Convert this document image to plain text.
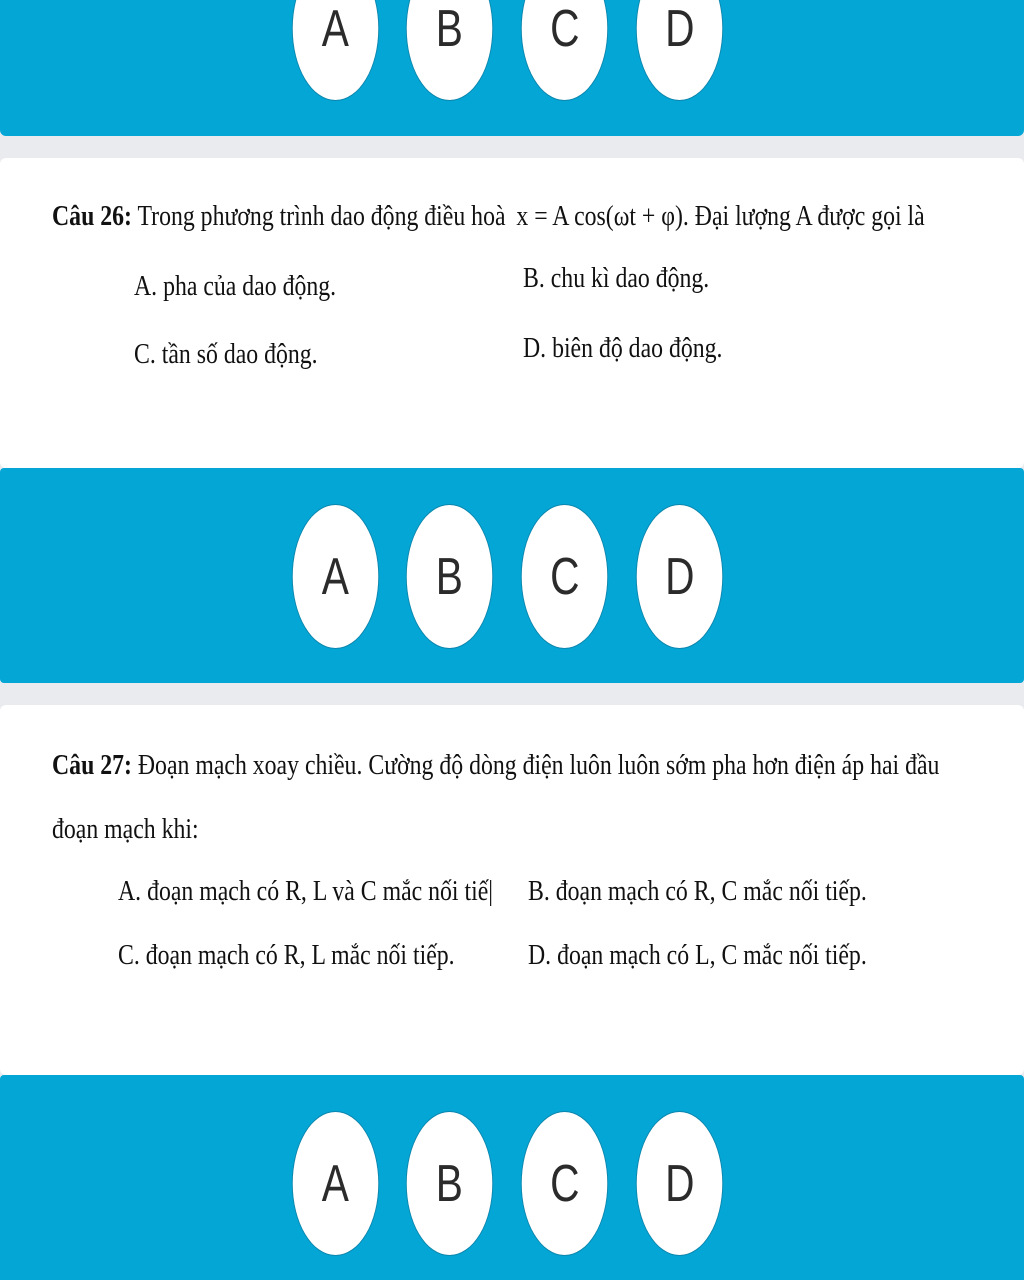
A B C D
Câu 26: Trong phương trình dao động điều hoà x = A cos(ωt + φ). Đại lượng A được gọi là
A. pha của dao động.	B. chu kì dao động.
C. tần số dao động.	D. biên độ dao động.
A B C D
Câu 27: Đoạn mạch xoay chiều. Cường độ dòng điện luôn luôn sớm pha hơn điện áp hai đầu
đoạn mạch khi:
A. đoạn mạch có R, L và C mắc nối tiế| B. đoạn mạch có R, C mắc nối tiếp.
C. đoạn mạch có R, L mắc nối tiếp.	D. đoạn mạch có L, C mắc nối tiếp.
A B C D
